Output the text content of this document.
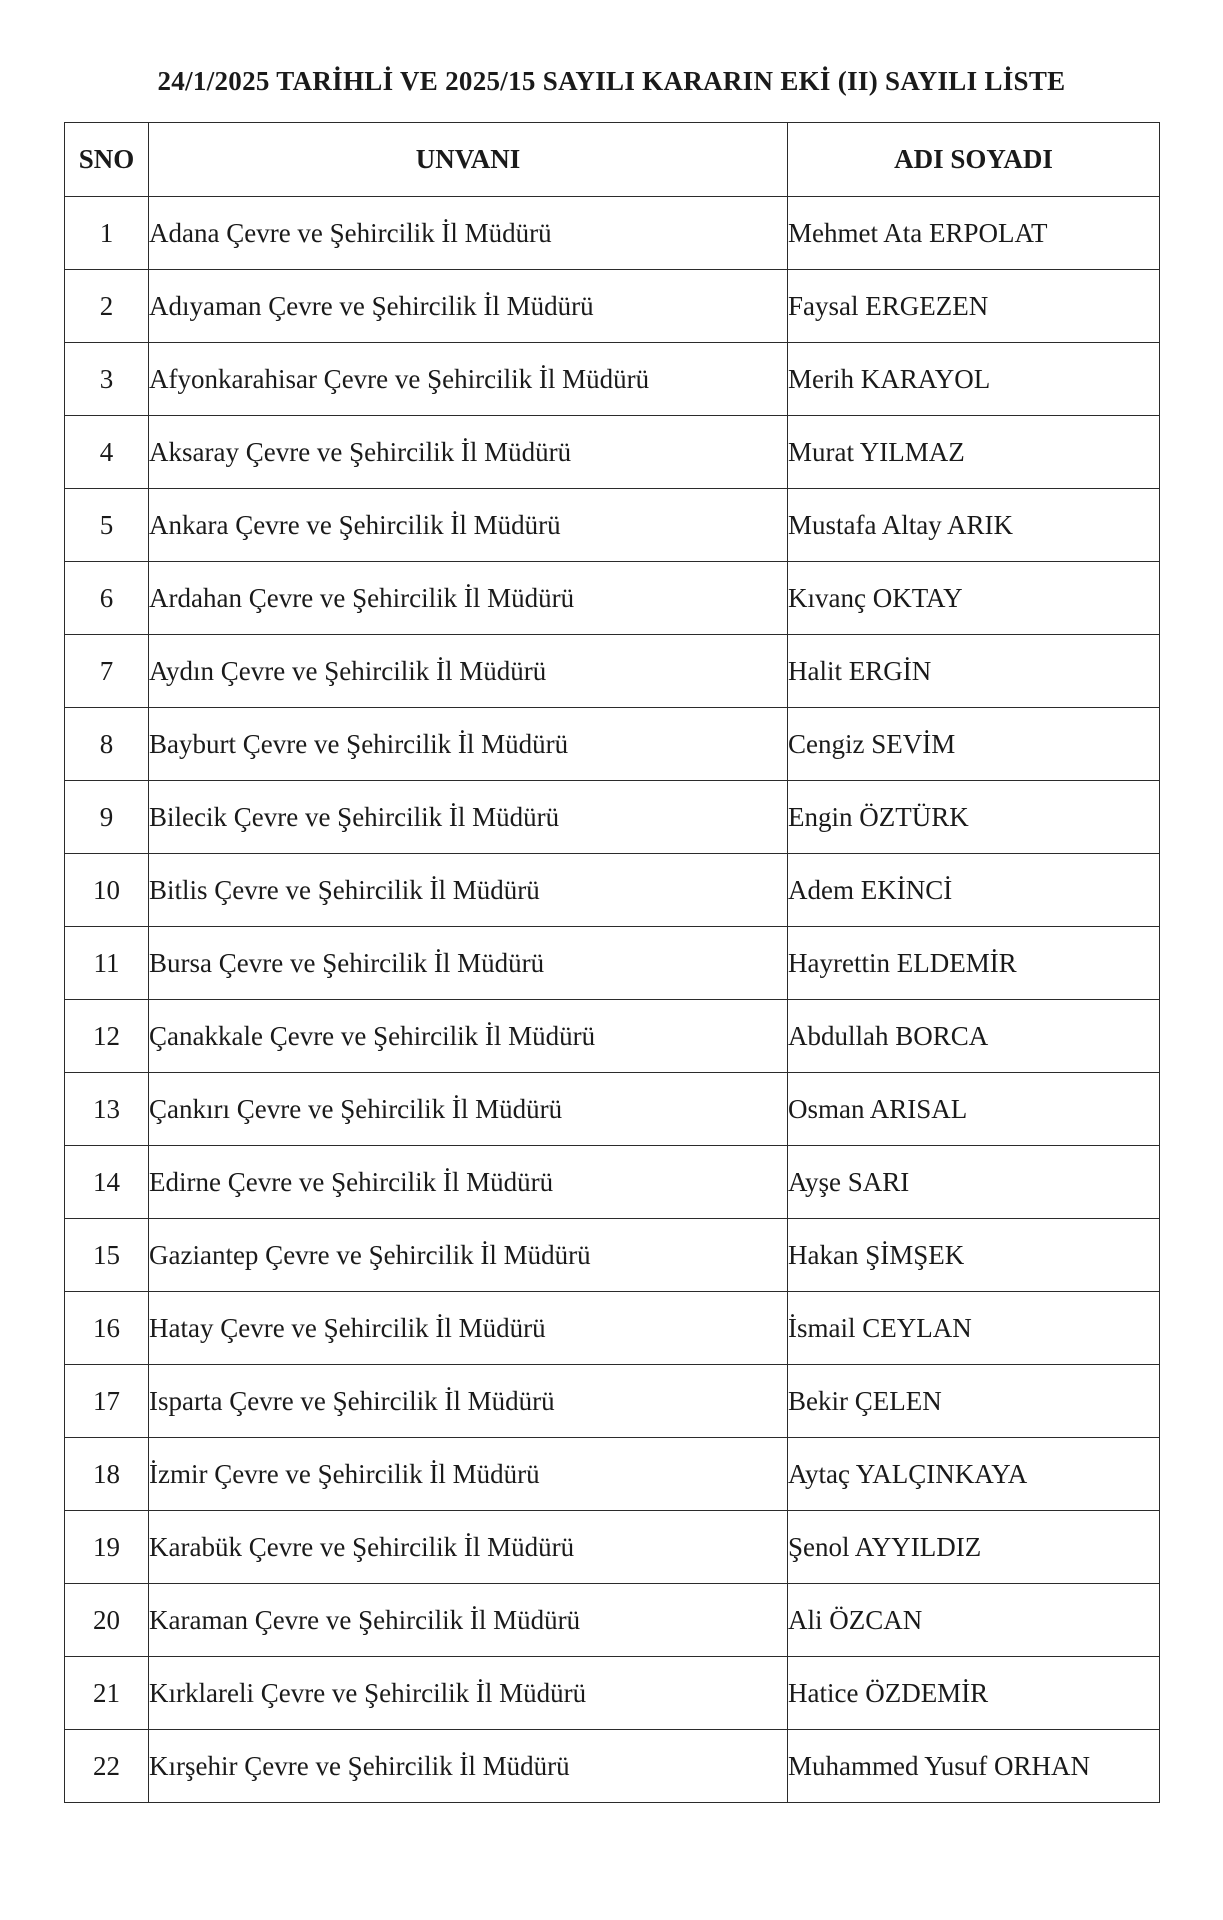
24/1/2025 TARİHLİ VE 2025/15 SAYILI KARARIN EKİ (II) SAYILI LİSTE
SNO	UNVANI	ADI SOYADI
1	Adana Çevre ve Şehircilik İl Müdürü	Mehmet Ata ERPOLAT
2	Adıyaman Çevre ve Şehircilik İl Müdürü	Faysal ERGEZEN
3	Afyonkarahisar Çevre ve Şehircilik İl Müdürü	Merih KARAYOL
4	Aksaray Çevre ve Şehircilik İl Müdürü	Murat YILMAZ
5	Ankara Çevre ve Şehircilik İl Müdürü	Mustafa Altay ARIK
6	Ardahan Çevre ve Şehircilik İl Müdürü	Kıvanç OKTAY
7	Aydın Çevre ve Şehircilik İl Müdürü	Halit ERGİN
8	Bayburt Çevre ve Şehircilik İl Müdürü	Cengiz SEVİM
9	Bilecik Çevre ve Şehircilik İl Müdürü	Engin ÖZTÜRK
10	Bitlis Çevre ve Şehircilik İl Müdürü	Adem EKİNCİ
11	Bursa Çevre ve Şehircilik İl Müdürü	Hayrettin ELDEMİR
12	Çanakkale Çevre ve Şehircilik İl Müdürü	Abdullah BORCA
13	Çankırı Çevre ve Şehircilik İl Müdürü	Osman ARISAL
14	Edirne Çevre ve Şehircilik İl Müdürü	Ayşe SARI
15	Gaziantep Çevre ve Şehircilik İl Müdürü	Hakan ŞİMŞEK
16	Hatay Çevre ve Şehircilik İl Müdürü	İsmail CEYLAN
17	Isparta Çevre ve Şehircilik İl Müdürü	Bekir ÇELEN
18	İzmir Çevre ve Şehircilik İl Müdürü	Aytaç YALÇINKAYA
19	Karabük Çevre ve Şehircilik İl Müdürü	Şenol AYYILDIZ
20	Karaman Çevre ve Şehircilik İl Müdürü	Ali ÖZCAN
21	Kırklareli Çevre ve Şehircilik İl Müdürü	Hatice ÖZDEMİR
22	Kırşehir Çevre ve Şehircilik İl Müdürü	Muhammed Yusuf ORHAN
